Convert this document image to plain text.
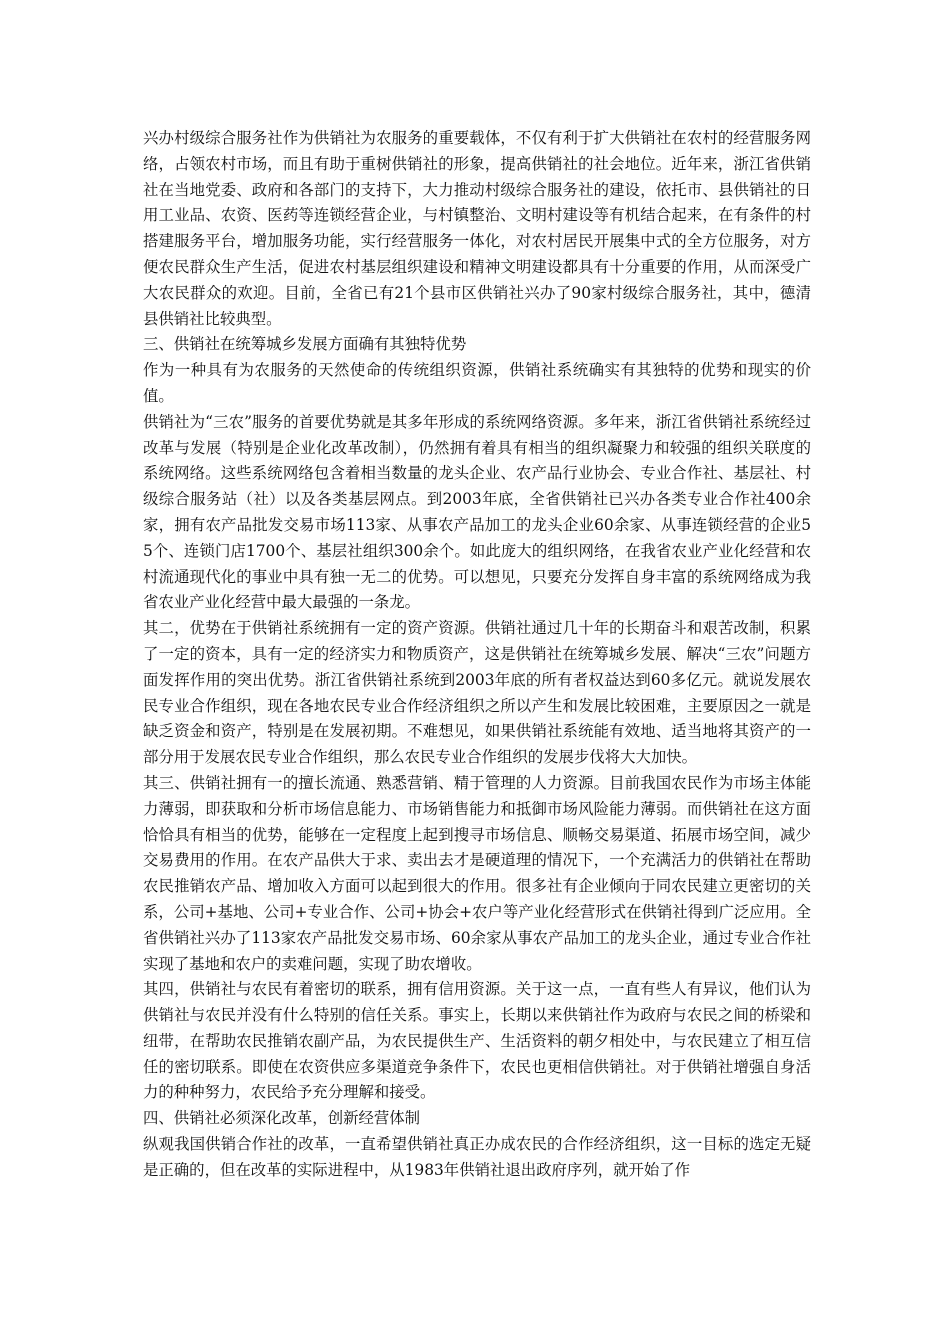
兴办村级综合服务社作为供销社为农服务的重要载体，不仅有利于扩大供销社在农村的经营服务网络，占领农村市场，而且有助于重树供销社的形象，提高供销社的社会地位。近年来，浙江省供销社在当地党委、政府和各部门的支持下，大力推动村级综合服务社的建设，依托市、县供销社的日用工业品、农资、医药等连锁经营企业，与村镇整治、文明村建设等有机结合起来，在有条件的村搭建服务平台，增加服务功能，实行经营服务一体化，对农村居民开展集中式的全方位服务，对方便农民群众生产生活，促进农村基层组织建设和精神文明建设都具有十分重要的作用，从而深受广大农民群众的欢迎。目前，全省已有21个县市区供销社兴办了90家村级综合服务社，其中，德清县供销社比较典型。

三、供销社在统筹城乡发展方面确有其独特优势

作为一种具有为农服务的天然使命的传统组织资源，供销社系统确实有其独特的优势和现实的价值。

供销社为“三农”服务的首要优势就是其多年形成的系统网络资源。多年来，浙江省供销社系统经过改革与发展（特别是企业化改革改制），仍然拥有着具有相当的组织凝聚力和较强的组织关联度的系统网络。这些系统网络包含着相当数量的龙头企业、农产品行业协会、专业合作社、基层社、村级综合服务站（社）以及各类基层网点。到2003年底，全省供销社已兴办各类专业合作社400余家，拥有农产品批发交易市场113家、从事农产品加工的龙头企业60余家、从事连锁经营的企业55个、连锁门店1700个、基层社组织300余个。如此庞大的组织网络，在我省农业产业化经营和农村流通现代化的事业中具有独一无二的优势。可以想见，只要充分发挥自身丰富的系统网络成为我省农业产业化经营中最大最强的一条龙。

其二，优势在于供销社系统拥有一定的资产资源。供销社通过几十年的长期奋斗和艰苦改制，积累了一定的资本，具有一定的经济实力和物质资产，这是供销社在统筹城乡发展、解决“三农”问题方面发挥作用的突出优势。浙江省供销社系统到2003年底的所有者权益达到60多亿元。就说发展农民专业合作组织，现在各地农民专业合作经济组织之所以产生和发展比较困难，主要原因之一就是缺乏资金和资产，特别是在发展初期。不难想见，如果供销社系统能有效地、适当地将其资产的一部分用于发展农民专业合作组织，那么农民专业合作组织的发展步伐将大大加快。

其三、供销社拥有一的擅长流通、熟悉营销、精于管理的人力资源。目前我国农民作为市场主体能力薄弱，即获取和分析市场信息能力、市场销售能力和抵御市场风险能力薄弱。而供销社在这方面恰恰具有相当的优势，能够在一定程度上起到搜寻市场信息、顺畅交易渠道、拓展市场空间，减少交易费用的作用。在农产品供大于求、卖出去才是硬道理的情况下，一个充满活力的供销社在帮助农民推销农产品、增加收入方面可以起到很大的作用。很多社有企业倾向于同农民建立更密切的关系，公司+基地、公司+专业合作、公司+协会+农户等产业化经营形式在供销社得到广泛应用。全省供销社兴办了113家农产品批发交易市场、60余家从事农产品加工的龙头企业，通过专业合作社实现了基地和农户的卖难问题，实现了助农增收。

其四，供销社与农民有着密切的联系，拥有信用资源。关于这一点，一直有些人有异议，他们认为供销社与农民并没有什么特别的信任关系。事实上，长期以来供销社作为政府与农民之间的桥梁和纽带，在帮助农民推销农副产品，为农民提供生产、生活资料的朝夕相处中，与农民建立了相互信任的密切联系。即使在农资供应多渠道竞争条件下，农民也更相信供销社。对于供销社增强自身活力的种种努力，农民给予充分理解和接受。

四、供销社必须深化改革，创新经营体制

纵观我国供销合作社的改革，一直希望供销社真正办成农民的合作经济组织，这一目标的选定无疑是正确的，但在改革的实际进程中，从1983年供销社退出政府序列，就开始了作
